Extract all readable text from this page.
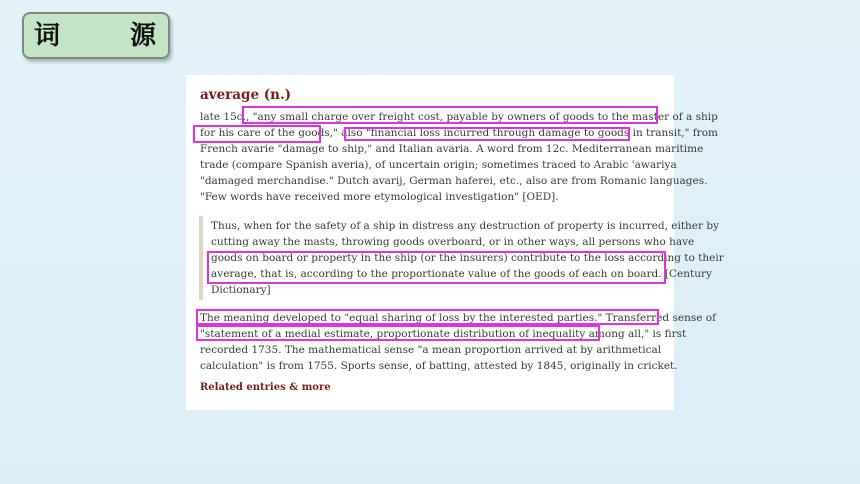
词	源
average (n.)
late 15c., "any small charge over freight cost, payable by owners of goods to the master of a ship
for his care of the goods," also "financial loss incurred through damage to goods in transit," from
French avarie "damage to ship," and Italian avaria. A word from 12c. Mediterranean maritime
trade (compare Spanish averia), of uncertain origin; sometimes traced to Arabic 'awariya
"damaged merchandise." Dutch avarij, German haferei, etc., also are from Romanic languages.
"Few words have received more etymological investigation" [OED].
Thus, when for the safety of a ship in distress any destruction of property is incurred, either by
cutting away the masts, throwing goods overboard, or in other ways, all persons who have
goods on board or property in the ship (or the insurers) contribute to the loss according to their
average, that is, according to the proportionate value of the goods of each on board. [Century
Dictionary]
The meaning developed to "equal sharing of loss by the interested parties." Transferred sense of
"statement of a medial estimate, proportionate distribution of inequality among all," is first
recorded 1735. The mathematical sense "a mean proportion arrived at by arithmetical
calculation" is from 1755. Sports sense, of batting, attested by 1845, originally in cricket.
Related entries & more
